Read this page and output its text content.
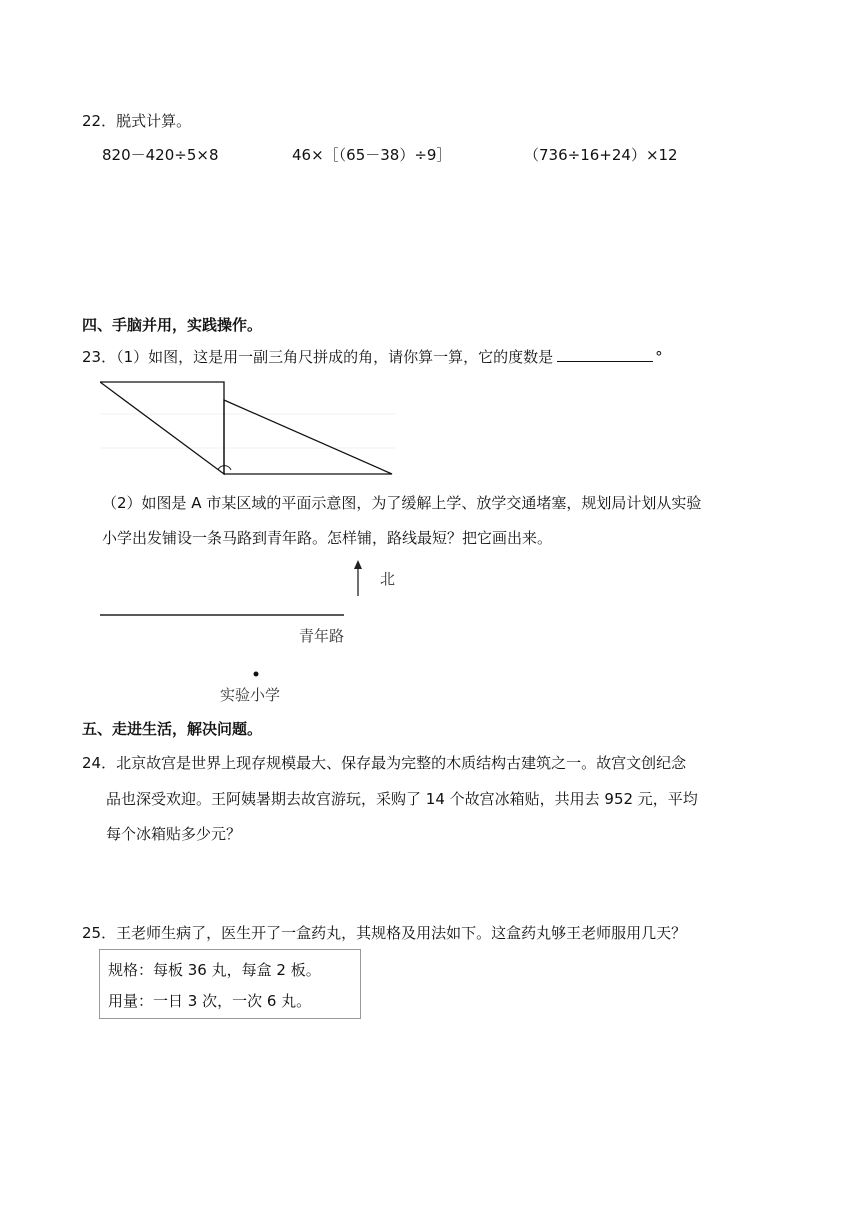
22．脱式计算。
820－420÷5×8	46×［（65－38）÷9］	（736÷16+24）×12
四、手脑并用，实践操作。
23．（1）如图，这是用一副三角尺拼成的角，请你算一算，它的度数是	°
（2）如图是 A 市某区域的平面示意图，为了缓解上学、放学交通堵塞，规划局计划从实验
小学出发铺设一条马路到青年路。怎样铺，路线最短？把它画出来。
北
青年路
实验小学
五、走进生活，解决问题。
24．北京故宫是世界上现存规模最大、保存最为完整的木质结构古建筑之一。故宫文创纪念
品也深受欢迎。王阿姨暑期去故宫游玩，采购了 14 个故宫冰箱贴，共用去 952 元，平均
每个冰箱贴多少元？
25．王老师生病了，医生开了一盒药丸，其规格及用法如下。这盒药丸够王老师服用几天？
规格：每板 36 丸，每盒 2 板。
用量：一日 3 次，一次 6 丸。
